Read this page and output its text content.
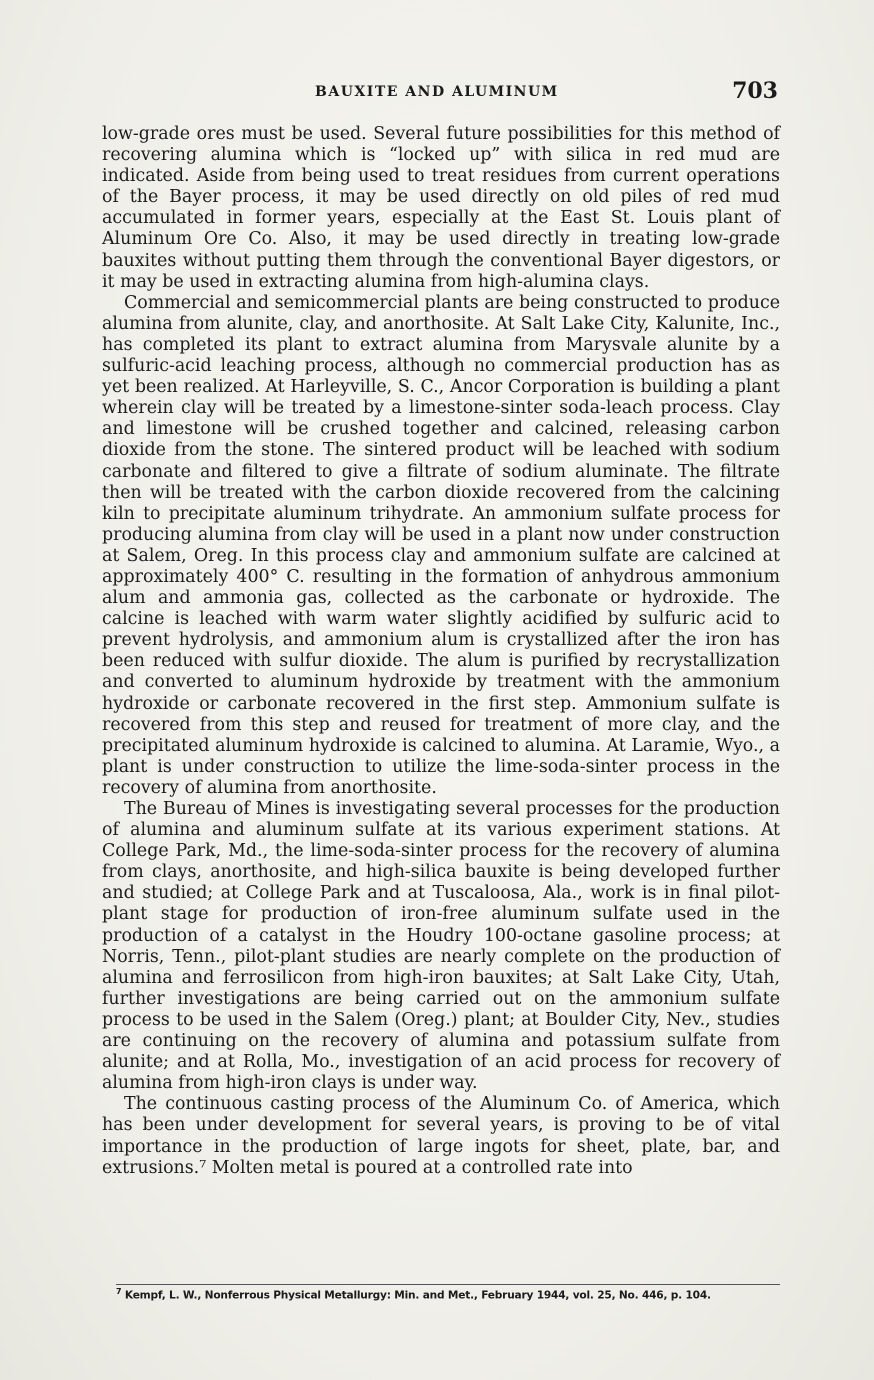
BAUXITE AND ALUMINUM	703

low-grade ores must be used. Several future possibilities for this method of recovering alumina which is “locked up” with silica in red mud are indicated. Aside from being used to treat residues from current operations of the Bayer process, it may be used directly on old piles of red mud accumulated in former years, especially at the East St. Louis plant of Aluminum Ore Co. Also, it may be used directly in treating low-grade bauxites without putting them through the conventional Bayer digestors, or it may be used in extracting alumina from high-alumina clays.

Commercial and semicommercial plants are being constructed to produce alumina from alunite, clay, and anorthosite. At Salt Lake City, Kalunite, Inc., has completed its plant to extract alumina from Marysvale alunite by a sulfuric-acid leaching process, although no commercial production has as yet been realized. At Harleyville, S. C., Ancor Corporation is building a plant wherein clay will be treated by a limestone-sinter soda-leach process. Clay and limestone will be crushed together and calcined, releasing carbon dioxide from the stone. The sintered product will be leached with sodium carbonate and filtered to give a filtrate of sodium aluminate. The filtrate then will be treated with the carbon dioxide recovered from the calcining kiln to precipitate aluminum trihydrate. An ammonium sulfate process for producing alumina from clay will be used in a plant now under construction at Salem, Oreg. In this process clay and ammonium sulfate are calcined at approximately 400° C. resulting in the formation of anhydrous ammonium alum and ammonia gas, collected as the carbonate or hydroxide. The calcine is leached with warm water slightly acidified by sulfuric acid to prevent hydrolysis, and ammonium alum is crystallized after the iron has been reduced with sulfur dioxide. The alum is purified by recrystallization and converted to aluminum hydroxide by treatment with the ammonium hydroxide or carbonate recovered in the first step. Ammonium sulfate is recovered from this step and reused for treatment of more clay, and the precipitated aluminum hydroxide is calcined to alumina. At Laramie, Wyo., a plant is under construction to utilize the lime-soda-sinter process in the recovery of alumina from anorthosite.

The Bureau of Mines is investigating several processes for the production of alumina and aluminum sulfate at its various experiment stations. At College Park, Md., the lime-soda-sinter process for the recovery of alumina from clays, anorthosite, and high-silica bauxite is being developed further and studied; at College Park and at Tuscaloosa, Ala., work is in final pilot-plant stage for production of iron-free aluminum sulfate used in the production of a catalyst in the Houdry 100-octane gasoline process; at Norris, Tenn., pilot-plant studies are nearly complete on the production of alumina and ferrosilicon from high-iron bauxites; at Salt Lake City, Utah, further investigations are being carried out on the ammonium sulfate process to be used in the Salem (Oreg.) plant; at Boulder City, Nev., studies are continuing on the recovery of alumina and potassium sulfate from alunite; and at Rolla, Mo., investigation of an acid process for recovery of alumina from high-iron clays is under way.

The continuous casting process of the Aluminum Co. of America, which has been under development for several years, is proving to be of vital importance in the production of large ingots for sheet, plate, bar, and extrusions.⁷ Molten metal is poured at a controlled rate into

$^7$ Kempf, L. W., Nonferrous Physical Metallurgy: Min. and Met., February 1944, vol. 25, No. 446, p. 104.
